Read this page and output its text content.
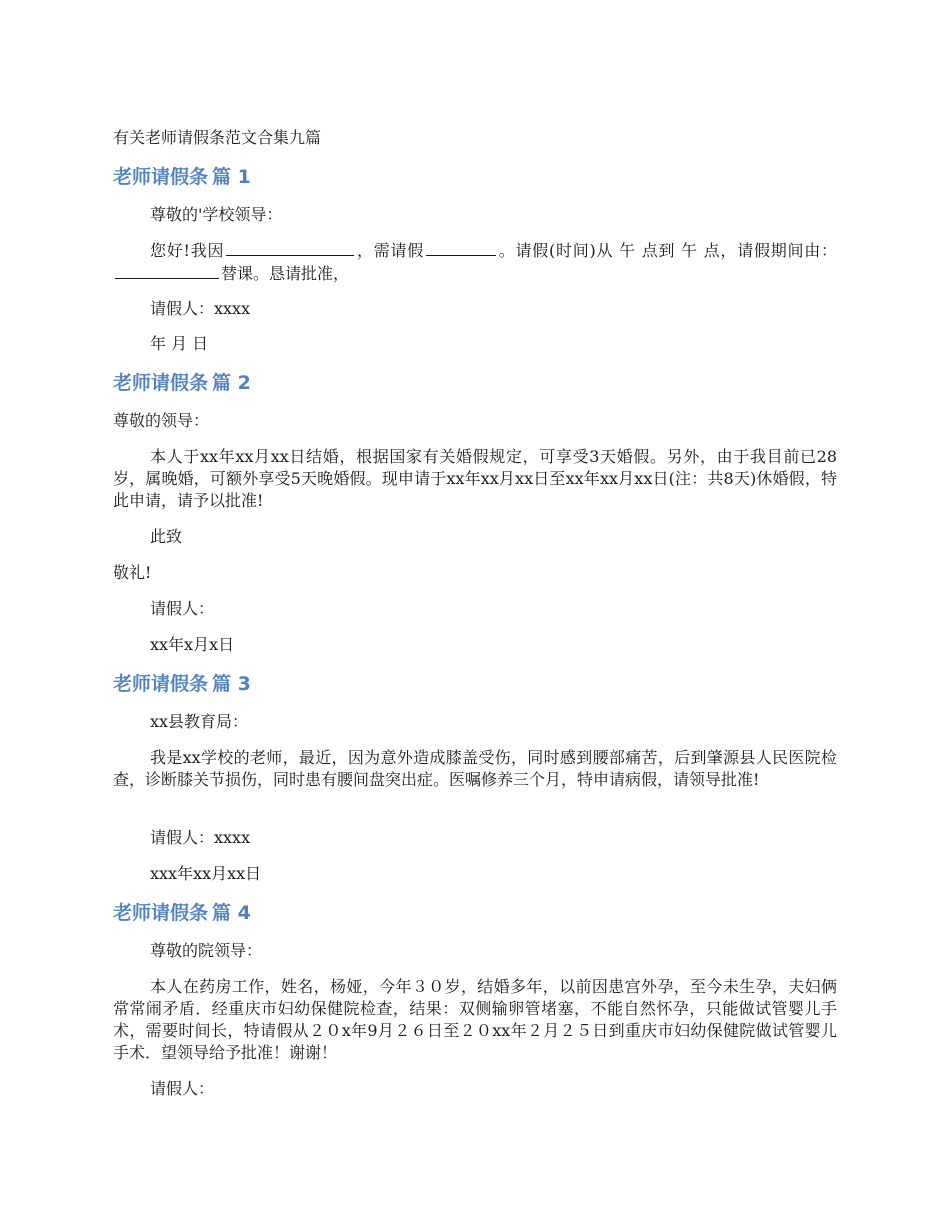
有关老师请假条范文合集九篇
老师请假条 篇 1
尊敬的'学校领导：
您好!我因	，需请假	。请假(时间)从 午 点到 午 点，请假期间由：替课。恳请批准，
请假人：xxxx
年 月 日
老师请假条 篇 2
尊敬的领导：
本人于xx年xx月xx日结婚，根据国家有关婚假规定，可享受3天婚假。另外，由于我目前已28岁，属晚婚，可额外享受5天晚婚假。现申请于xx年xx月xx日至xx年xx月xx日(注：共8天)休婚假，特此申请，请予以批准!
此致
敬礼!
请假人：
xx年x月x日
老师请假条 篇 3
xx县教育局：
我是xx学校的老师，最近，因为意外造成膝盖受伤，同时感到腰部痛苦，后到肇源县人民医院检查，诊断膝关节损伤，同时患有腰间盘突出症。医嘱修养三个月，特申请病假，请领导批准!
请假人：xxxx
xxx年xx月xx日
老师请假条 篇 4
尊敬的院领导：
本人在药房工作，姓名，杨娅，今年３０岁，结婚多年，以前因患宫外孕，至今未生孕，夫妇俩常常闹矛盾．经重庆市妇幼保健院检查，结果：双侧输卵管堵塞，不能自然怀孕，只能做试管婴儿手术，需要时间长，特请假从２０x年9月２６日至２０xx年２月２５日到重庆市妇幼保健院做试管婴儿手术．望领导给予批准！谢谢！
请假人：
